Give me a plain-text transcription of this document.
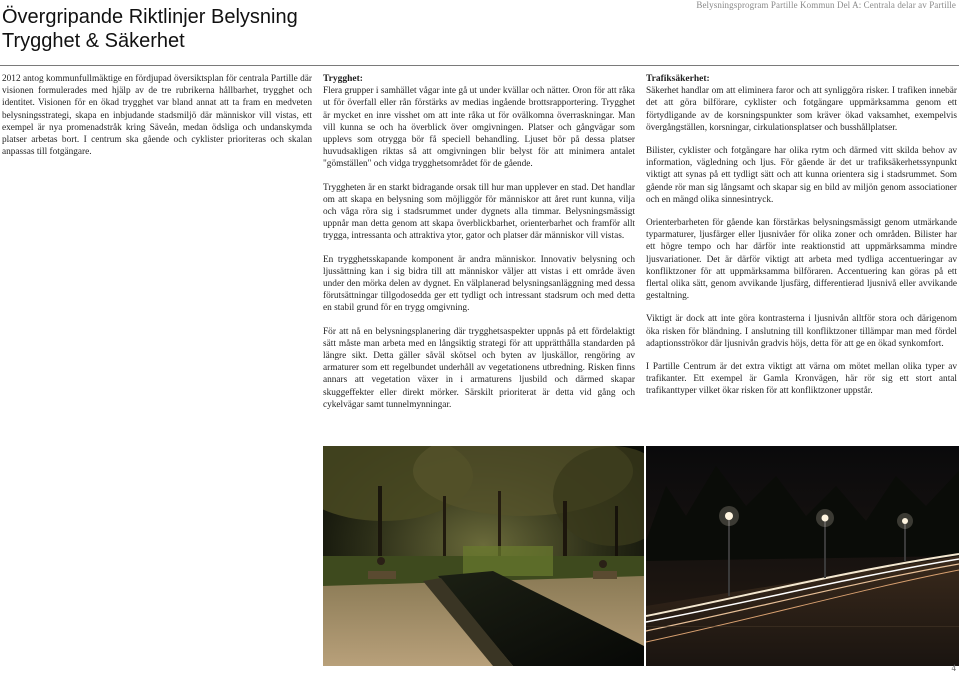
Övergripande Riktlinjer Belysning
Trygghet & Säkerhet
Belysningsprogram Partille Kommun Del A: Centrala delar av Partille

2012 antog kommunfullmäktige en fördjupad översiktsplan för centrala Partille där visionen formulerades med hjälp av de tre rubrikerna hållbarhet, trygghet och identitet. Visionen för en ökad trygghet var bland annat att ta fram en medveten belysningsstrategi, skapa en inbjudande stadsmiljö där människor vill vistas, ett exempel är nya promenadstråk kring Säveån, medan ödsliga och undanskymda platser arbetas bort. I centrum ska gående och cyklister prioriteras och skalan anpassas till fotgängare.

Trygghet:

Flera grupper i samhället vågar inte gå ut under kvällar och nätter. Oron för att råka ut för överfall eller rån förstärks av medias ingående brottsrapportering. Trygghet är mycket en inre visshet om att inte råka ut för ovälkomna överraskningar. Man vill kunna se och ha överblick över omgivningen. Platser och gångvägar som upplevs som otrygga bör få speciell behandling. Ljuset bör på dessa platser huvudsakligen riktas så att omgivningen blir belyst för att minimera antalet "gömställen" och vidga trygghetsområdet för de gående.

Tryggheten är en starkt bidragande orsak till hur man upplever en stad. Det handlar om att skapa en belysning som möjliggör för människor att året runt kunna, vilja och våga röra sig i stadsrummet under dygnets alla timmar. Belysningsmässigt uppnår man detta genom att skapa överblickbarhet, orienterbarhet och framför allt trygga, intressanta och attraktiva ytor, gator och platser där människor vill vistas.

En trygghetsskapande komponent är andra människor. Innovativ belysning och ljussättning kan i sig bidra till att människor väljer att vistas i ett område även under den mörka delen av dygnet. En välplanerad belysningsanläggning med dessa förutsättningar tillgodosedda ger ett tydligt och intressant stadsrum och med detta en stabil grund för en trygg omgivning.

För att nå en belysningsplanering där trygghetsaspekter uppnås på ett fördelaktigt sätt måste man arbeta med en långsiktig strategi för att upprätthålla standarden på längre sikt. Detta gäller såväl skötsel och byten av ljuskällor, rengöring av armaturer som ett regelbundet underhåll av vegetationens utbredning. Risken finns annars att vegetation växer in i armaturens ljusbild och därmed skapar skuggeffekter eller direkt mörker. Särskilt prioriterat är detta vid gång och cykelvägar samt tunnelmynningar.

Trafiksäkerhet:

Säkerhet handlar om att eliminera faror och att synliggöra risker. I trafiken innebär det att göra bilförare, cyklister och fotgängare uppmärksamma genom ett förtydligande av de korsningspunkter som kräver ökad vaksamhet, exempelvis övergångställen, korsningar, cirkulationsplatser och busshållplatser.

Bilister, cyklister och fotgängare har olika rytm och därmed vitt skilda behov av information, vägledning och ljus. För gående är det ur trafiksäkerhetssynpunkt viktigt att synas på ett tydligt sätt och att kunna orientera sig i stadsrummet. Som gående rör man sig långsamt och skapar sig en bild av miljön genom associationer och en mängd olika sinnesintryck.

Orienterbarheten för gående kan förstärkas belysningsmässigt genom utmärkande typarmaturer, ljusfärger eller ljusnivåer för olika zoner och områden. Bilister har ett högre tempo och har därför inte reaktionstid att uppmärksamma mindre ljusvariationer. Det är därför viktigt att arbeta med tydliga accentueringar av konfliktzoner för att uppmärksamma bilföraren. Accentuering kan göras på ett flertal olika sätt, genom avvikande ljusfärg, differentierad ljusnivå eller avvikande gestaltning.

Viktigt är dock att inte göra kontrasterna i ljusnivån alltför stora och därigenom öka risken för bländning. I anslutning till konfliktzoner tillämpar man med fördel adaptionsströkor där ljusnivån gradvis höjs, detta för att ge en ökad synkomfort.

I Partille Centrum är det extra viktigt att värna om mötet mellan olika typer av trafikanter. Ett exempel är Gamla Kronvägen, här rör sig ett stort antal trafikanttyper vilket ökar risken för att konfliktzoner uppstår.

4
